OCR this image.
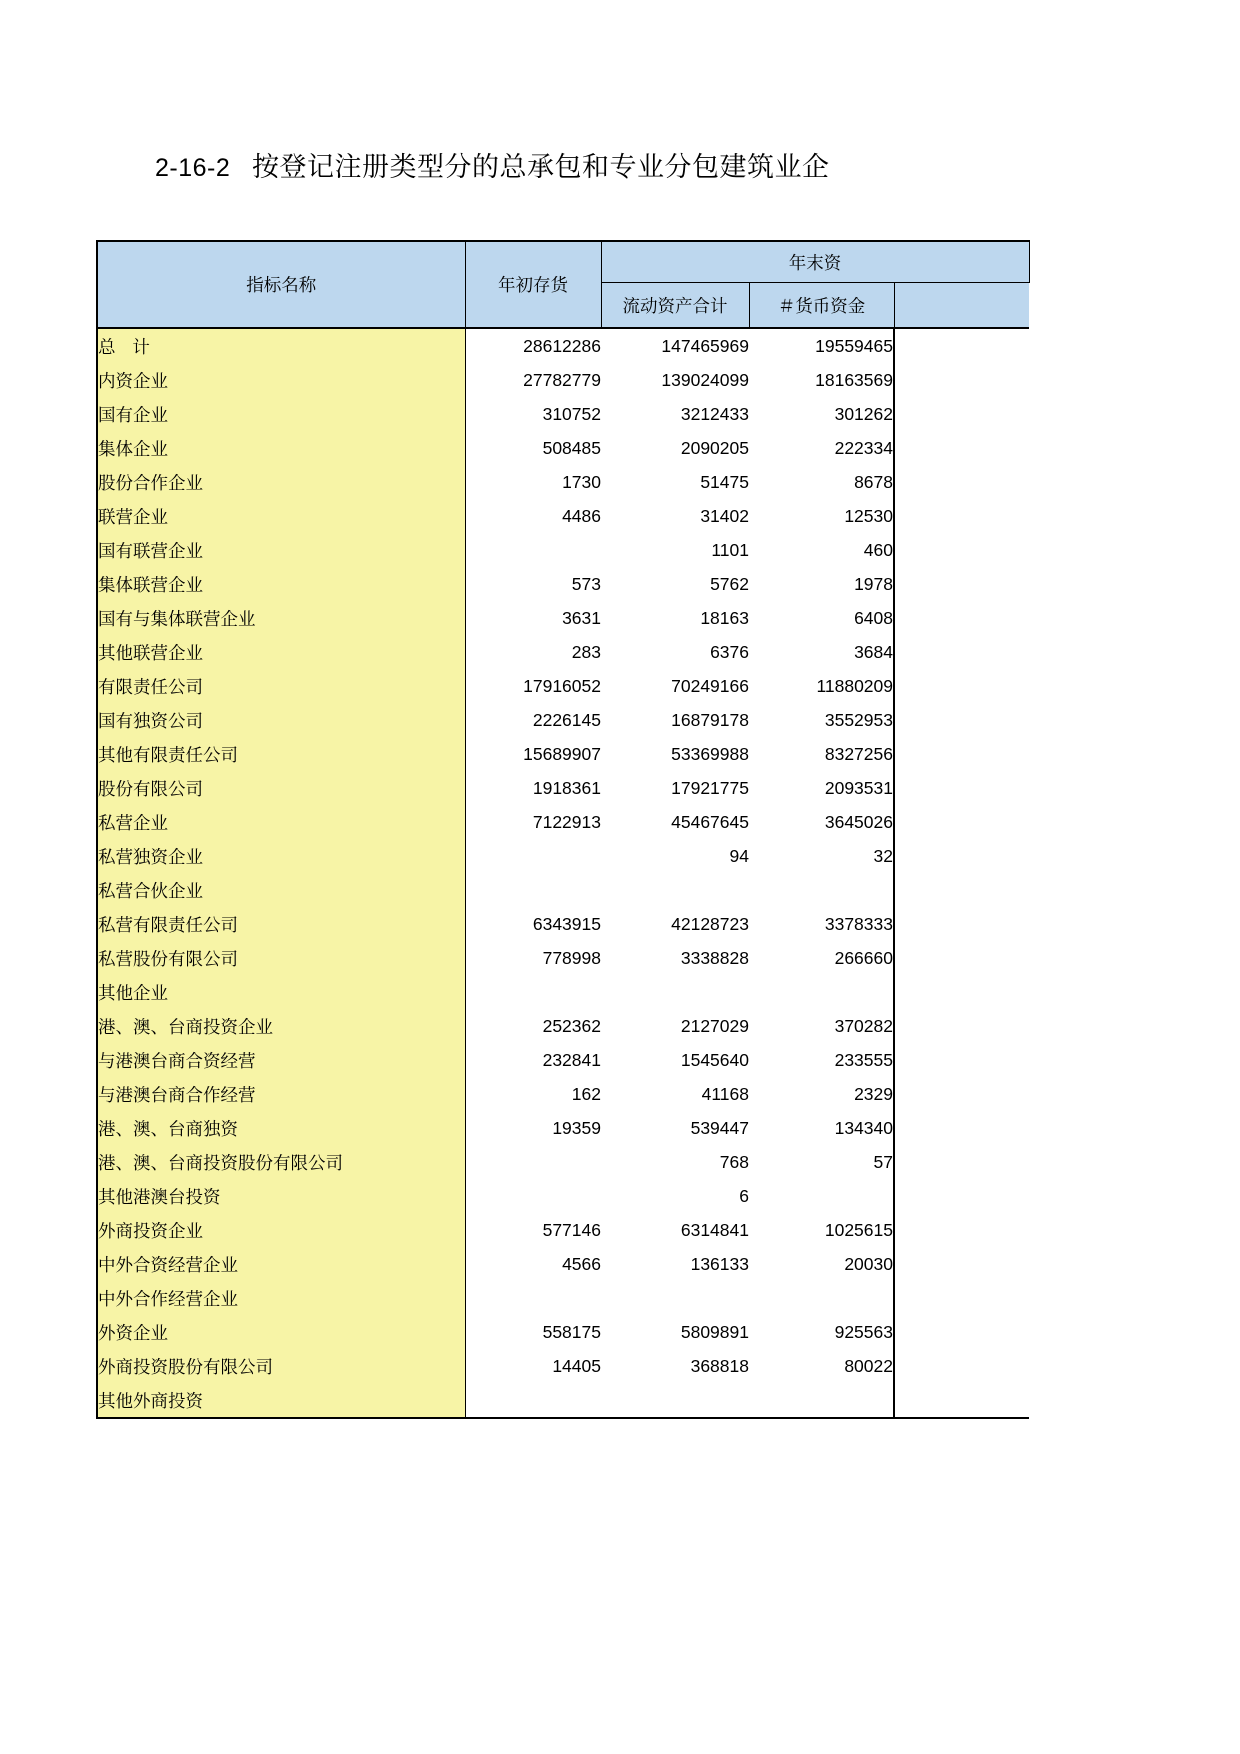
2-16-2 按登记注册类型分的总承包和专业分包建筑业企
指标名称	年初存货	年末资		
		流动资产合计	＃货币资金	
总 计	28612286	147465969	19559465	
内资企业	27782779	139024099	18163569	
国有企业	310752	3212433	301262	
集体企业	508485	2090205	222334	
股份合作企业	1730	51475	8678	
联营企业	4486	31402	12530	
国有联营企业		1101	460	
集体联营企业	573	5762	1978	
国有与集体联营企业	3631	18163	6408	
其他联营企业	283	6376	3684	
有限责任公司	17916052	70249166	11880209	
国有独资公司	2226145	16879178	3552953	
其他有限责任公司	15689907	53369988	8327256	
股份有限公司	1918361	17921775	2093531	
私营企业	7122913	45467645	3645026	
私营独资企业		94	32	
私营合伙企业				
私营有限责任公司	6343915	42128723	3378333	
私营股份有限公司	778998	3338828	266660	
其他企业				
港、澳、台商投资企业	252362	2127029	370282	
与港澳台商合资经营	232841	1545640	233555	
与港澳台商合作经营	162	41168	2329	
港、澳、台商独资	19359	539447	134340	
港、澳、台商投资股份有限公司		768	57	
其他港澳台投资		6		
外商投资企业	577146	6314841	1025615	
中外合资经营企业	4566	136133	20030	
中外合作经营企业				
外资企业	558175	5809891	925563	
外商投资股份有限公司	14405	368818	80022	
其他外商投资				
